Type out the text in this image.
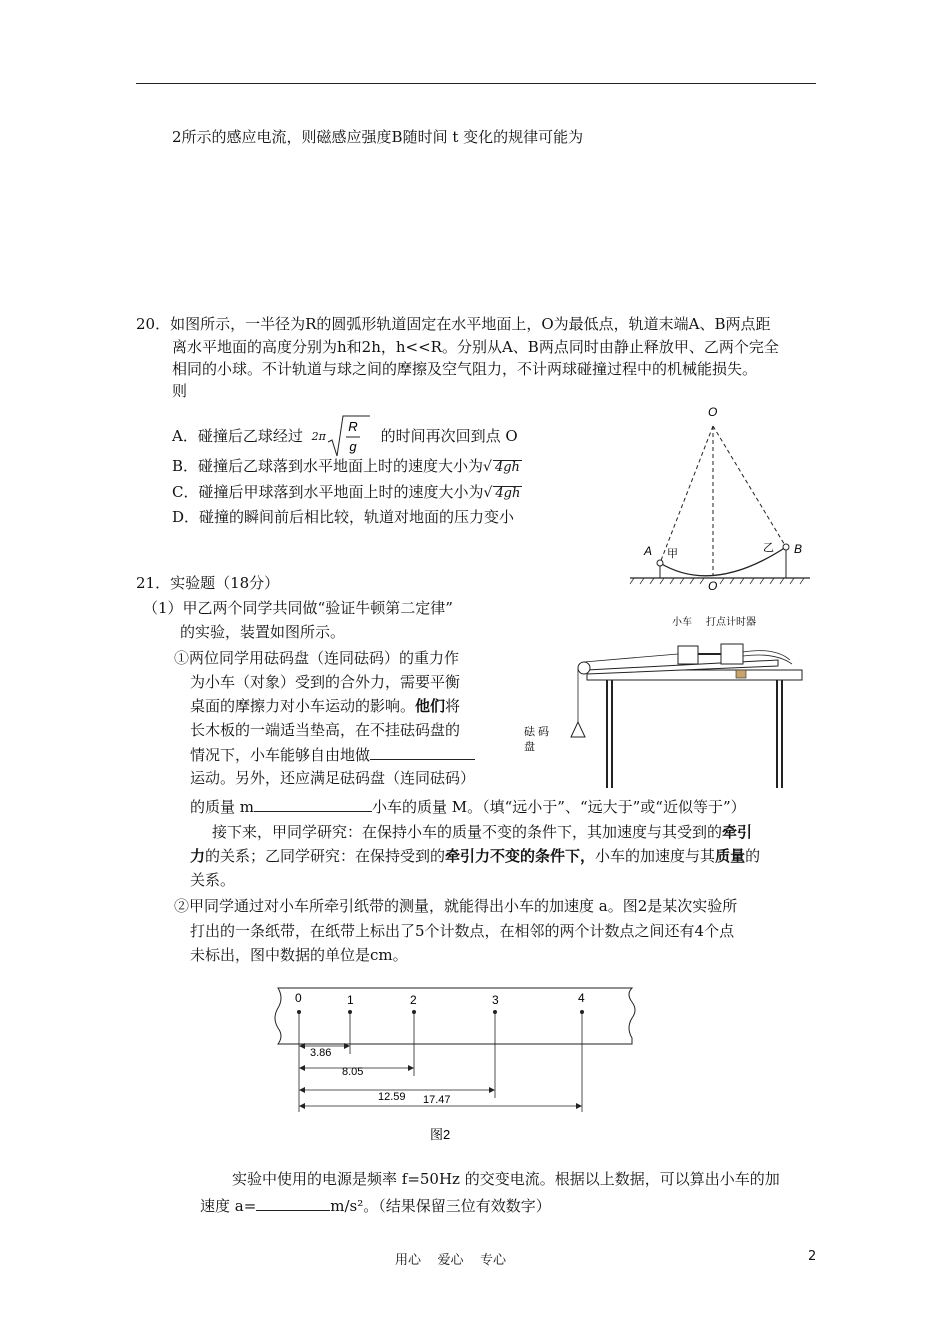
2所示的感应电流，则磁感应强度B随时间 t 变化的规律可能为
20．如图所示，一半径为R的圆弧形轨道固定在水平地面上，O为最低点，轨道末端A、B两点距
离水平地面的高度分别为h和2h，h<<R。分别从A、B两点同时由静止释放甲、乙两个完全
相同的小球。不计轨道与球之间的摩擦及空气阻力，不计两球碰撞过程中的机械能损失。
则
A．碰撞后乙球经过 2π
R
g
的时间再次回到点 O
B．碰撞后乙球落到水平地面上时的速度大小为√ 4gh
C．碰撞后甲球落到水平地面上时的速度大小为√ 4gh
D．碰撞的瞬间前后相比较，轨道对地面的压力变小
O
A 甲	乙 B
O
21．实验题（18分）
（1）甲乙两个同学共同做“验证牛顿第二定律”
的实验，装置如图所示。
①两位同学用砝码盘（连同砝码）的重力作
为小车（对象）受到的合外力，需要平衡
桌面的摩擦力对小车运动的影响。他们将
长木板的一端适当垫高，在不挂砝码盘的
情况下，小车能够自由地做
运动。另外，还应满足砝码盘（连同砝码）
的质量 m	小车的质量 M。（填“远小于”、“远大于”或“近似等于”）
接下来，甲同学研究：在保持小车的质量不变的条件下，其加速度与其受到的牵引
力的关系；乙同学研究：在保持受到的牵引力不变的条件下，小车的加速度与其质量的
关系。
小车 打点计时器
砝 码
盘
②甲同学通过对小车所牵引纸带的测量，就能得出小车的加速度 a。图2是某次实验所
打出的一条纸带，在纸带上标出了5个计数点，在相邻的两个计数点之间还有4个点
未标出，图中数据的单位是cm。
0	1	2	3	4
3.86
8.05
12.59 17.47
图2
实验中使用的电源是频率 f=50Hz 的交变电流。根据以上数据，可以算出小车的加
速度 a=	m/s²。（结果保留三位有效数字）
用心    爱心    专心	2
